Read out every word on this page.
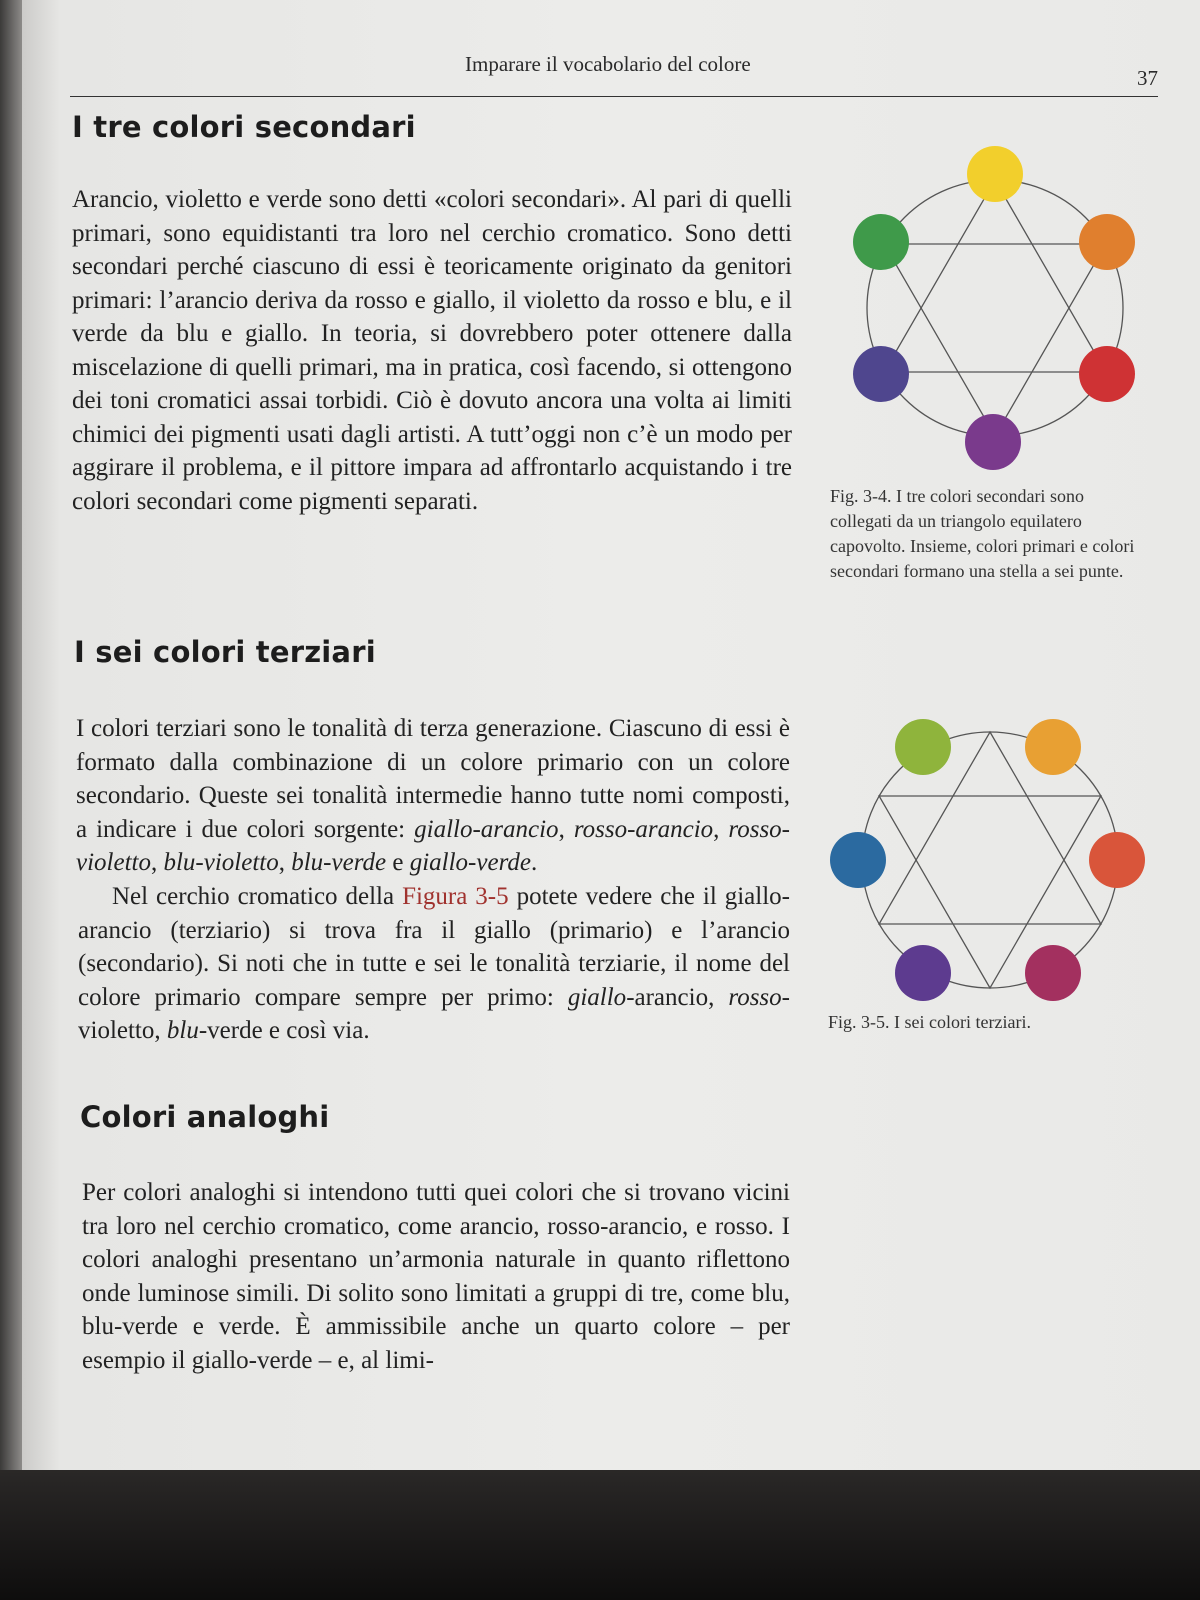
Imparare il vocabolario del colore
37
I tre colori secondari

Arancio, violetto e verde sono detti «colori secondari». Al pari di quelli primari, sono equidistanti tra loro nel cerchio cromatico. Sono detti secondari perché ciascuno di essi è teoricamente originato da genitori primari: l’arancio deriva da rosso e giallo, il violetto da rosso e blu, e il verde da blu e giallo. In teoria, si dovrebbero poter ottenere dalla miscelazione di quelli primari, ma in pratica, così facendo, si ottengono dei toni cromatici assai torbidi. Ciò è dovuto ancora una volta ai limiti chimici dei pigmenti usati dagli artisti. A tutt’oggi non c’è un modo per aggirare il problema, e il pittore impara ad affrontarlo acquistando i tre colori secondari come pigmenti separati.

I sei colori terziari

I colori terziari sono le tonalità di terza generazione. Ciascuno di essi è formato dalla combinazione di un colore primario con un colore secondario. Queste sei tonalità intermedie hanno tutte nomi composti, a indicare i due colori sorgente: giallo-arancio, rosso-arancio, rosso-violetto, blu-violetto, blu-verde e giallo-verde.

Nel cerchio cromatico della Figura 3-5 potete vedere che il giallo-arancio (terziario) si trova fra il giallo (primario) e l’arancio (secondario). Si noti che in tutte e sei le tonalità terziarie, il nome del colore primario compare sempre per primo: giallo-arancio, rosso-violetto, blu-verde e così via.

Colori analoghi

Per colori analoghi si intendono tutti quei colori che si trovano vicini tra loro nel cerchio cromatico, come arancio, rosso-arancio, e rosso. I colori analoghi presentano un’armonia naturale in quanto riflettono onde luminose simili. Di solito sono limitati a gruppi di tre, come blu, blu-verde e verde. È ammissibile anche un quarto colore – per esempio il giallo-verde – e, al limi-

Fig. 3-4. I tre colori secondari sono collegati da un triangolo equilatero capovolto. Insieme, colori primari e colori secondari formano una stella a sei punte.

Fig. 3-5. I sei colori terziari.
